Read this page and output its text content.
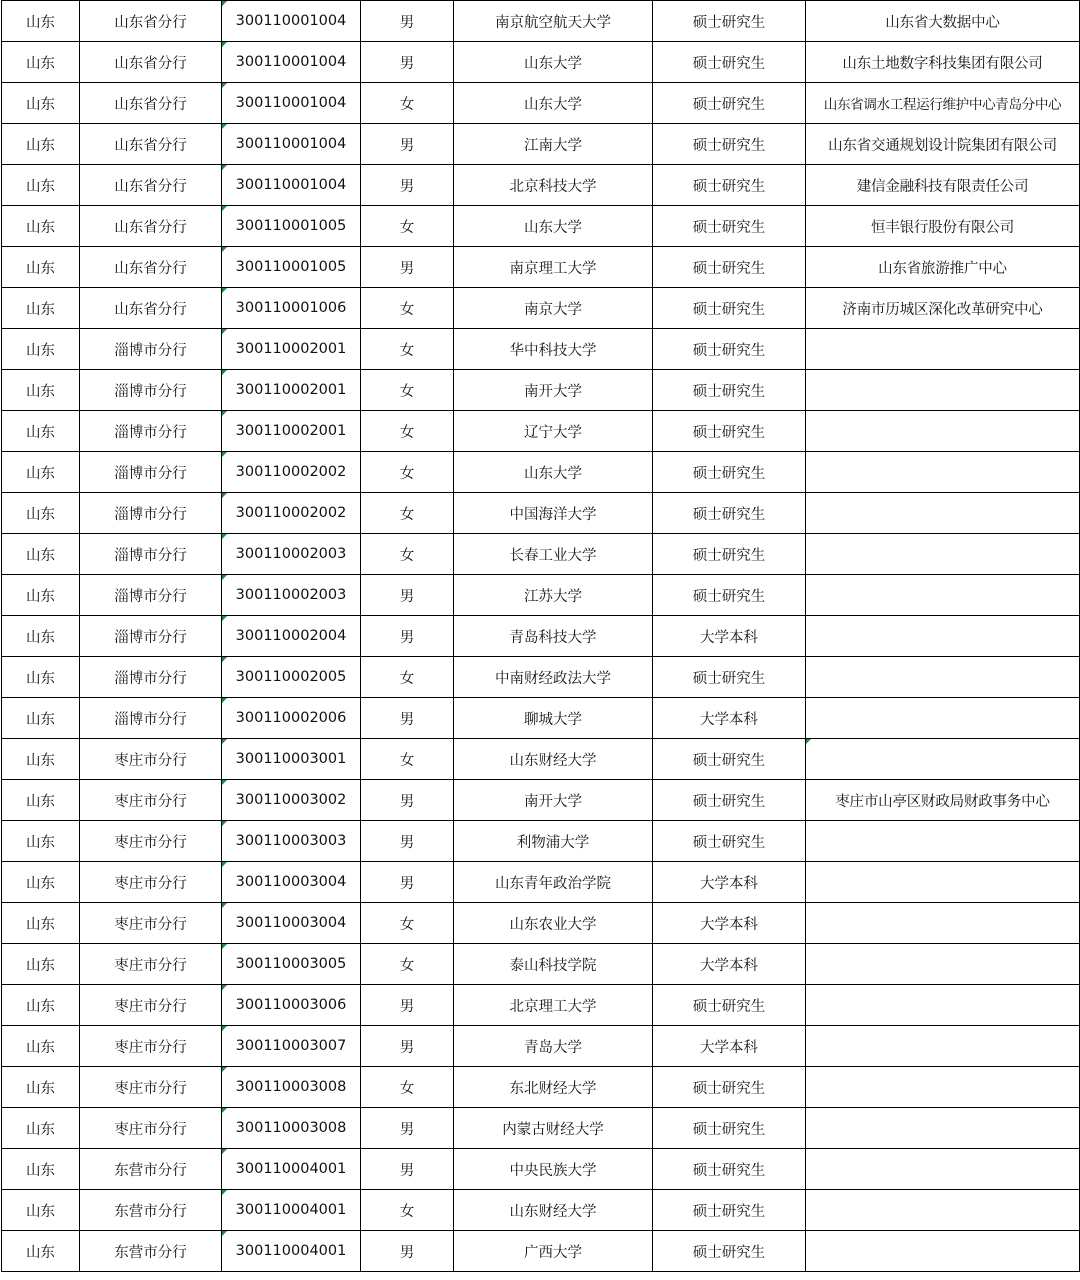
山东	山东省分行	300110001004	男	南京航空航天大学	硕士研究生	山东省大数据中心
山东	山东省分行	300110001004	男	山东大学	硕士研究生	山东土地数字科技集团有限公司
山东	山东省分行	300110001004	女	山东大学	硕士研究生	山东省调水工程运行维护中心青岛分中心
山东	山东省分行	300110001004	男	江南大学	硕士研究生	山东省交通规划设计院集团有限公司
山东	山东省分行	300110001004	男	北京科技大学	硕士研究生	建信金融科技有限责任公司
山东	山东省分行	300110001005	女	山东大学	硕士研究生	恒丰银行股份有限公司
山东	山东省分行	300110001005	男	南京理工大学	硕士研究生	山东省旅游推广中心
山东	山东省分行	300110001006	女	南京大学	硕士研究生	济南市历城区深化改革研究中心
山东	淄博市分行	300110002001	女	华中科技大学	硕士研究生	
山东	淄博市分行	300110002001	女	南开大学	硕士研究生	
山东	淄博市分行	300110002001	女	辽宁大学	硕士研究生	
山东	淄博市分行	300110002002	女	山东大学	硕士研究生	
山东	淄博市分行	300110002002	女	中国海洋大学	硕士研究生	
山东	淄博市分行	300110002003	女	长春工业大学	硕士研究生	
山东	淄博市分行	300110002003	男	江苏大学	硕士研究生	
山东	淄博市分行	300110002004	男	青岛科技大学	大学本科	
山东	淄博市分行	300110002005	女	中南财经政法大学	硕士研究生	
山东	淄博市分行	300110002006	男	聊城大学	大学本科	
山东	枣庄市分行	300110003001	女	山东财经大学	硕士研究生	
山东	枣庄市分行	300110003002	男	南开大学	硕士研究生	枣庄市山亭区财政局财政事务中心
山东	枣庄市分行	300110003003	男	利物浦大学	硕士研究生	
山东	枣庄市分行	300110003004	男	山东青年政治学院	大学本科	
山东	枣庄市分行	300110003004	女	山东农业大学	大学本科	
山东	枣庄市分行	300110003005	女	泰山科技学院	大学本科	
山东	枣庄市分行	300110003006	男	北京理工大学	硕士研究生	
山东	枣庄市分行	300110003007	男	青岛大学	大学本科	
山东	枣庄市分行	300110003008	女	东北财经大学	硕士研究生	
山东	枣庄市分行	300110003008	男	内蒙古财经大学	硕士研究生	
山东	东营市分行	300110004001	男	中央民族大学	硕士研究生	
山东	东营市分行	300110004001	女	山东财经大学	硕士研究生	
山东	东营市分行	300110004001	男	广西大学	硕士研究生	
